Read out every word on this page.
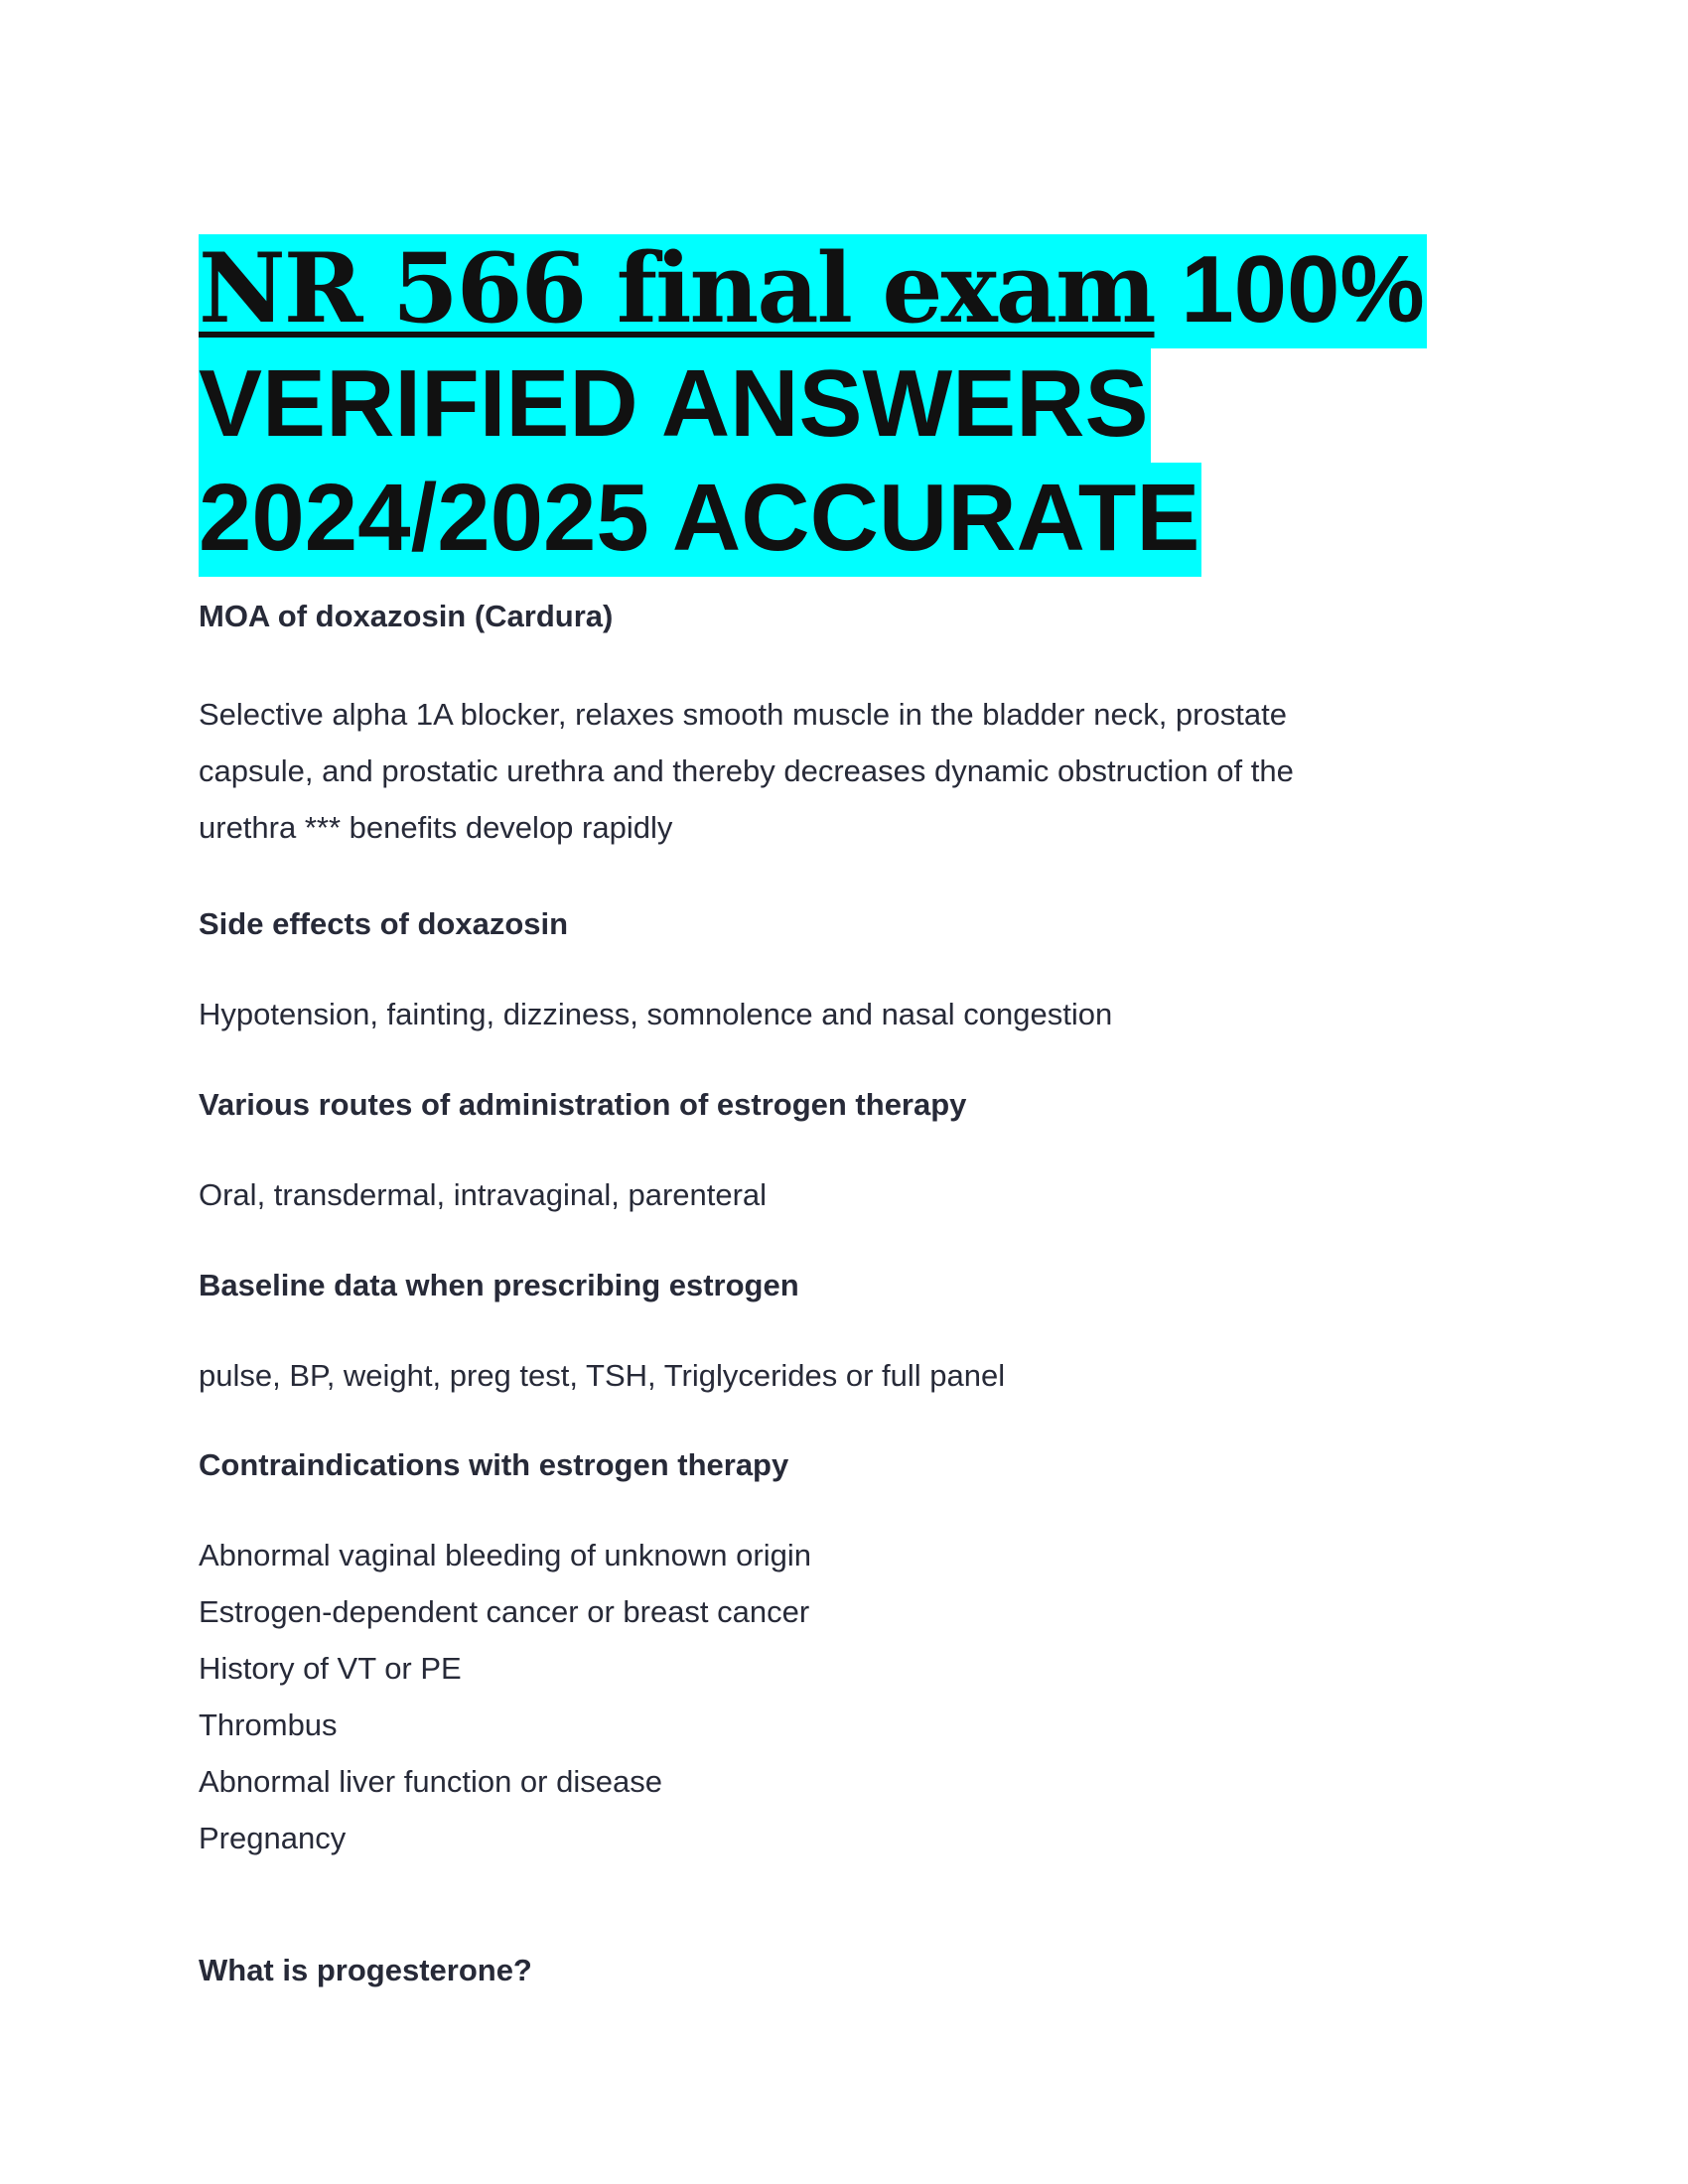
NR 566 final exam 100%
VERIFIED ANSWERS
2024/2025 ACCURATE

MOA of doxazosin (Cardura)

Selective alpha 1A blocker, relaxes smooth muscle in the bladder neck, prostate

capsule, and prostatic urethra and thereby decreases dynamic obstruction of the

urethra *** benefits develop rapidly

Side effects of doxazosin

Hypotension, fainting, dizziness, somnolence and nasal congestion

Various routes of administration of estrogen therapy

Oral, transdermal, intravaginal, parenteral

Baseline data when prescribing estrogen

pulse, BP, weight, preg test, TSH, Triglycerides or full panel

Contraindications with estrogen therapy

Abnormal vaginal bleeding of unknown origin
Estrogen-dependent cancer or breast cancer
History of VT or PE
Thrombus
Abnormal liver function or disease
Pregnancy

What is progesterone?
